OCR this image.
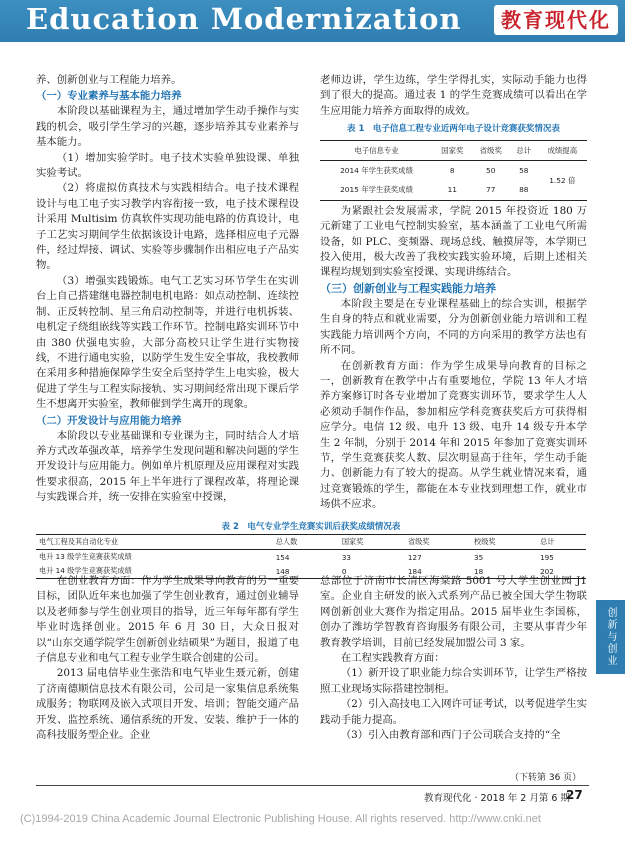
Education Modernization	教育现代化

养、创新创业与工程能力培养。

（一）专业素养与基本能力培养

本阶段以基础课程为主，通过增加学生动手操作与实践的机会，吸引学生学习的兴趣，逐步培养其专业素养与基本能力。

（1）增加实验学时。电子技术实验单独设课、单独实验考试。

（2）将虚拟仿真技术与实践相结合。电子技术课程设计与电工电子实习教学内容衔接一致，电子技术课程设计采用 Multisim 仿真软件实现功能电路的仿真设计，电子工艺实习期间学生依据该设计电路，选择相应电子元器件，经过焊接、调试、实验等步骤制作出相应电子产品实物。

（3）增强实践锻炼。电气工艺实习环节学生在实训台上自己搭建继电器控制电机电路：如点动控制、连续控制、正反转控制、星三角启动控制等，并进行电机拆装、电机定子绕组嵌线等实践工作环节。控制电路实训环节中由 380 伏强电实验，大部分高校只让学生进行实物接线，不进行通电实验，以防学生发生安全事故，我校教师在采用多种措施保障学生安全后坚持学生上电实验，极大促进了学生与工程实际接轨、实习期间经常出现下课后学生不想离开实验室，教师催到学生离开的现象。

（二）开发设计与应用能力培养

本阶段以专业基础课和专业课为主，同时结合人才培养方式改革强改革，培养学生发现问题和解决问题的学生开发设计与应用能力。例如单片机原理及应用课程对实践性要求很高，2015 年上半年进行了课程改革，将理论课与实践课合并，统一安排在实验室中授课，

老师边讲，学生边练，学生学得扎实，实际动手能力也得到了很大的提高。通过表 1 的学生竞赛成绩可以看出在学生应用能力培养方面取得的成效。

表 1　电子信息工程专业近两年电子设计竞赛获奖情况表
电子信息专业	国家奖	省级奖	总计	成绩提高
2014 年学生获奖成绩	8	50	58	1.52 倍
2015 年学生获奖成绩	11	77	88	

为紧跟社会发展需求，学院 2015 年投资近 180 万元新建了工业电气控制实验室，基本涵盖了工业电气所需设备，如 PLC、变频器、现场总线、触摸屏等，本学期已投入使用，极大改善了我校实践实验环境，后期上述相关课程均规划到实验室授课、实现讲练结合。

（三）创新创业与工程实践能力培养

本阶段主要是在专业课程基础上的综合实训，根据学生自身的特点和就业需要，分为创新创业能力培训和工程实践能力培训两个方向，不同的方向采用的教学方法也有所不同。

在创新教育方面：作为学生成果导向教育的目标之一，创新教育在教学中占有重要地位，学院 13 年人才培养方案修订时各专业增加了竞赛实训环节，要求学生人人必须动手制作作品，参加相应学科竞赛获奖后方可获得相应学分。电信 12 级、电升 13 级、电升 14 级专升本学生 2 年制，分别于 2014 年和 2015 年参加了竞赛实训环节，学生竞赛获奖人数、层次明显高于往年，学生动手能力、创新能力有了较大的提高。从学生就业情况来看，通过竞赛锻炼的学生，都能在本专业找到理想工作，就业市场供不应求。

表 2　电气专业学生竞赛实训后获奖成绩情况表
电气工程及其自动化专业	总人数	国家奖	省级奖	校级奖	总计
电升 13 级学生竞赛获奖成绩	154	33	127	35	195
电升 14 级学生竞赛获奖成绩	148	0	184	18	202

在创业教育方面：作为学生成果导向教育的另一重要目标，团队近年来也加强了学生创业教育，通过创业辅导以及老师参与学生创业项目的指导，近三年每年都有学生毕业时选择创业。2015 年 6 月 30 日，大众日报对以“山东交通学院学生创新创业结硕果”为题目，报道了电子信息专业和电气工程专业学生联合创建的公司。

2013 届电信毕业生张浩和电气毕业生聂元新，创建了济南德顺信息技术有限公司，公司是一家集信息系统集成服务；物联网及嵌入式项目开发、培训；智能交通产品开发、监控系统、通信系统的开发、安装、维护于一体的高科技服务型企业。企业

总部位于济南市长清区海棠路 5001 号大学生创业园 J1 室。企业自主研发的嵌入式系列产品已被全国大学生物联网创新创业大赛作为指定用品。2015 届毕业生李国栋，创办了潍坊学智教育咨询服务有限公司，主要从事青少年教育教学培训，目前已经发展加盟公司 3 家。

在工程实践教育方面：

（1）新开设了职业能力综合实训环节，让学生严格按照工业现场实际搭建控制柜。

（2）引入高技电工入网许可证考试，以考促进学生实践动手能力提高。

（3）引入由教育部和西门子公司联合支持的“全

（下转第 36 页）
创新与创业
教育现代化 · 2018 年 2 月第 6 期
27
(C)1994-2019 China Academic Journal Electronic Publishing House. All rights reserved. http://www.cnki.net
